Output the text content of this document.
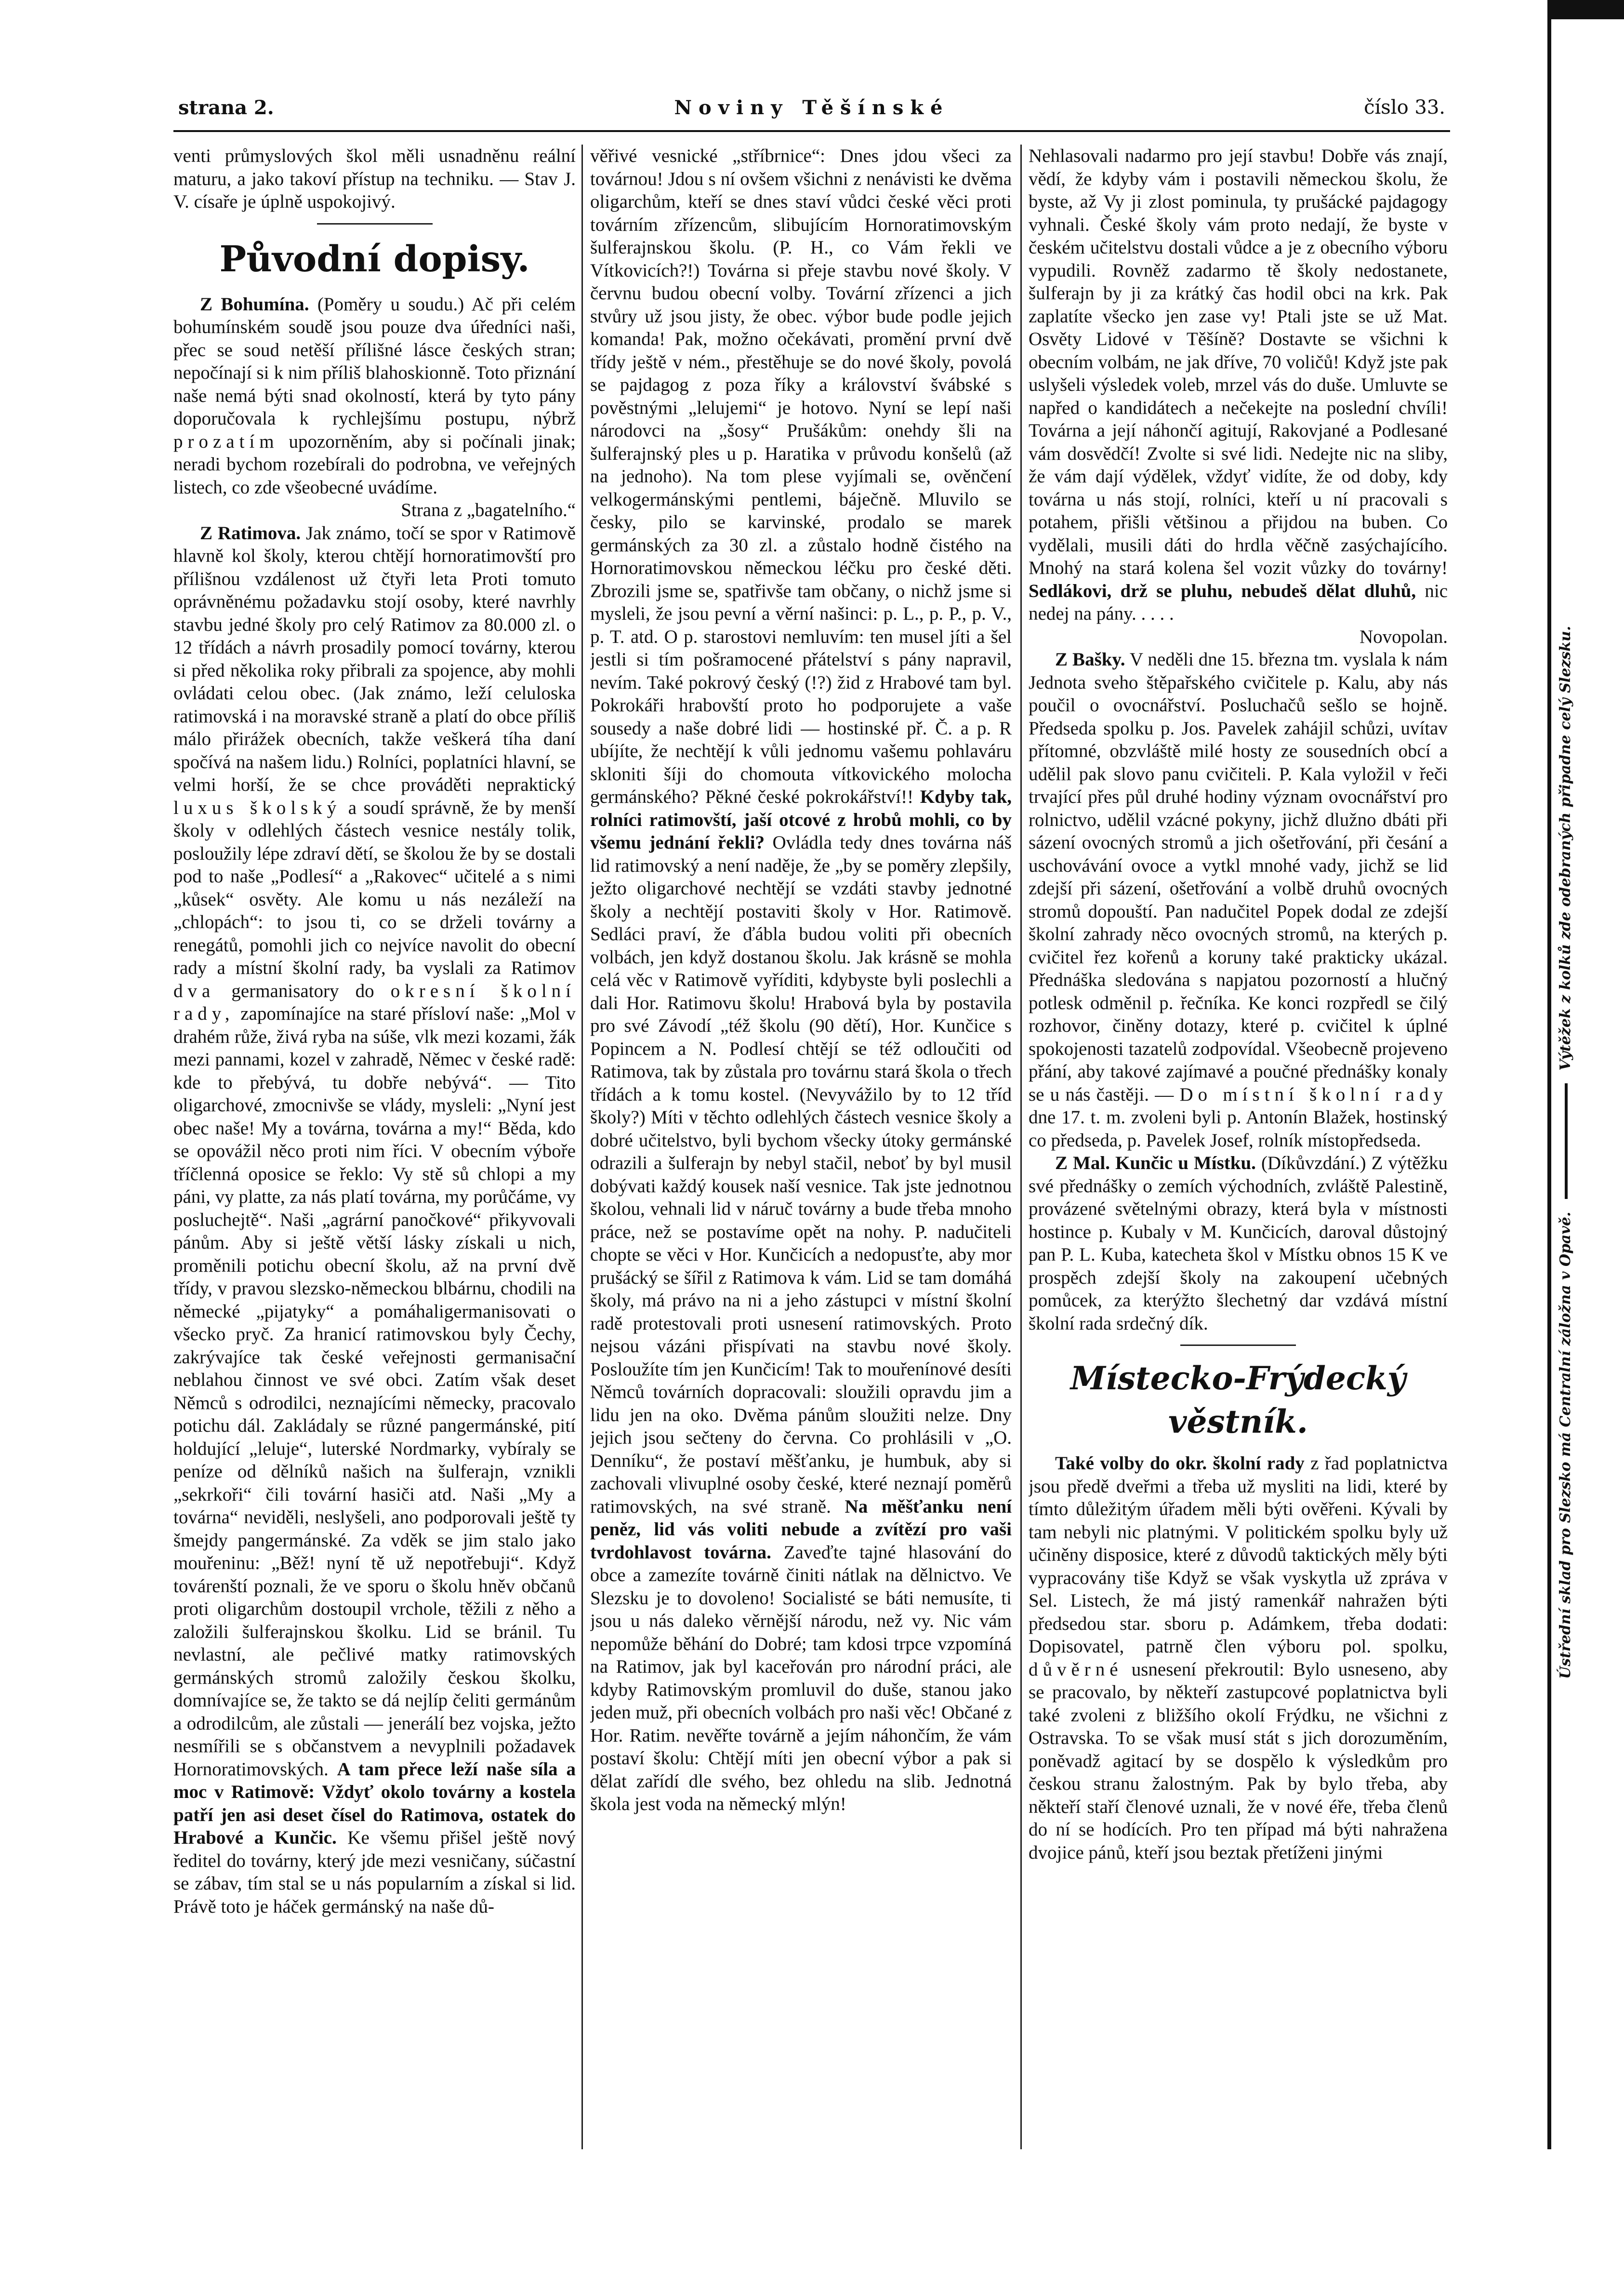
strana 2.	Noviny Těšínské	číslo 33.

venti průmyslových škol měli usnadněnu reální maturu, a jako takoví přístup na techniku. — Stav J. V. císaře je úplně uspokojivý.

Původní dopisy.

Z Bohumína. (Poměry u soudu.) Ač při celém bohumínském soudě jsou pouze dva úředníci naši, přec se soud netěší přílišné lásce českých stran; nepočínají si k nim příliš blahoskionně. Toto přiznání naše nemá býti snad okolností, která by tyto pány doporučovala k rychlejšímu postupu, nýbrž prozatím upozorněním, aby si počínali jinak; neradi bychom rozebírali do podrobna, ve veřejných listech, co zde všeobecné uvádíme.

Strana z „bagatelního.“

Z Ratimova. Jak známo, točí se spor v Ratimově hlavně kol školy, kterou chtějí hornoratimovští pro přílišnou vzdálenost už čtyři leta Proti tomuto oprávněnému požadavku stojí osoby, které navrhly stavbu jedné školy pro celý Ratimov za 80.000 zl. o 12 třídách a návrh prosadily pomocí továrny, kterou si před několika roky přibrali za spojence, aby mohli ovládati celou obec. (Jak známo, leží celuloska ratimovská i na moravské straně a platí do obce příliš málo přirážek obecních, takže veškerá tíha daní spočívá na našem lidu.) Rolníci, poplatníci hlavní, se velmi horší, že se chce prováděti nepraktický luxus školský a soudí správně, že by menší školy v odlehlých částech vesnice nestály tolik, posloužily lépe zdraví dětí, se školou že by se dostali pod to naše „Podlesí“ a „Rakovec“ učitelé a s nimi „kůsek“ osvěty. Ale komu u nás nezáleží na „chlopách“: to jsou ti, co se drželi továrny a renegátů, pomohli jich co nejvíce navolit do obecní rady a místní školní rady, ba vyslali za Ratimov dva germanisatory do okresní školní rady, zapomínajíce na staré přísloví naše: „Mol v drahém růže, živá ryba na súše, vlk mezi kozami, žák mezi pannami, kozel v zahradě, Němec v české radě: kde to přebývá, tu dobře nebývá“. — Tito oligarchové, zmocnivše se vlády, mysleli: „Nyní jest obec naše! My a továrna, továrna a my!“ Běda, kdo se opovážil něco proti nim říci. V obecním výboře tříčlenná oposice se řeklo: Vy stě sů chlopi a my páni, vy platte, za nás platí továrna, my porůčáme, vy posluchejtě“. Naši „agrární panočkové“ přikyvovali pánům. Aby si ještě větší lásky získali u nich, proměnili potichu obecní školu, až na první dvě třídy, v pravou slezsko-německou blbárnu, chodili na německé „pijatyky“ a pomáhaligermanisovati o všecko pryč. Za hranicí ratimovskou byly Čechy, zakrývajíce tak české veřejnosti germanisační neblahou činnost ve své obci. Zatím však deset Němců s odrodilci, neznajícími německy, pracovalo potichu dál. Zakládaly se různé pangermánské, pití holdující „leluje“, luterské Nordmarky, vybíraly se peníze od dělníků našich na šulferajn, vznikli „sekrkoři“ čili tovární hasiči atd. Naši „My a továrna“ neviděli, neslyšeli, ano podporovali ještě ty šmejdy pangermánské. Za vděk se jim stalo jako mouřeninu: „Běž! nyní tě už nepotřebuji“. Když továrenští poznali, že ve sporu o školu hněv občanů proti oligarchům dostoupil vrchole, těžili z něho a založili šulferajnskou školku. Lid se bránil. Tu nevlastní, ale pečlivé matky ratimovských germánských stromů založily českou školku, domnívajíce se, že takto se dá nejlíp čeliti germánům a odrodilcům, ale zůstali — jenerálí bez vojska, ježto nesmířili se s občanstvem a nevyplnili požadavek Hornoratimovských. A tam přece leží naše síla a moc v Ratimově: Vždyť okolo továrny a kostela patří jen asi deset čísel do Ratimova, ostatek do Hrabové a Kunčic. Ke všemu přišel ještě nový ředitel do továrny, který jde mezi vesničany, súčastní se zábav, tím stal se u nás popularním a získal si lid. Právě toto je háček germánský na naše dů-

věřivé vesnické „stříbrnice“: Dnes jdou všeci za továrnou! Jdou s ní ovšem všichni z nenávisti ke dvěma oligarchům, kteří se dnes staví vůdci české věci proti továrním zřízencům, slibujícím Hornoratimovským šulferajnskou školu. (P. H., co Vám řekli ve Vítkovicích?!) Továrna si přeje stavbu nové školy. V červnu budou obecní volby. Tovární zřízenci a jich stvůry už jsou jisty, že obec. výbor bude podle jejich komanda! Pak, možno očekávati, promění první dvě třídy ještě v ném., přestěhuje se do nové školy, povolá se pajdagog z poza říky a království švábské s pověstnými „lelujemi“ je hotovo. Nyní se lepí naši národovci na „šosy“ Prušákům: onehdy šli na šulferajnský ples u p. Haratika v průvodu konšelů (až na jednoho). Na tom plese vyjímali se, ověnčení velkogermánskými pentlemi, báječně. Mluvilo se česky, pilo se karvinské, prodalo se marek germánských za 30 zl. a zůstalo hodně čistého na Hornoratimovskou německou léčku pro české děti. Zbrozili jsme se, spatřivše tam občany, o nichž jsme si mysleli, že jsou pevní a věrní našinci: p. L., p. P., p. V., p. T. atd. O p. starostovi nemluvím: ten musel jíti a šel jestli si tím pošramocené přátelství s pány napravil, nevím. Také pokrový český (!?) žid z Hrabové tam byl. Pokrokáři hrabovští proto ho podporujete a vaše sousedy a naše dobré lidi — hostinské př. Č. a p. R ubíjíte, že nechtějí k vůli jednomu vašemu pohlaváru skloniti šíji do chomouta vítkovického molocha germánského? Pěkné české pokrokářství!! Kdyby tak, rolníci ratimovští, jaší otcové z hrobů mohli, co by všemu jednání řekli? Ovládla tedy dnes továrna náš lid ratimovský a není naděje, že „by se poměry zlepšily, ježto oligarchové nechtějí se vzdáti stavby jednotné školy a nechtějí postaviti školy v Hor. Ratimově. Sedláci praví, že ďábla budou voliti při obecních volbách, jen když dostanou školu. Jak krásně se mohla celá věc v Ratimově vyříditi, kdybyste byli poslechli a dali Hor. Ratimovu školu! Hrabová byla by postavila pro své Závodí „též školu (90 dětí), Hor. Kunčice s Popincem a N. Podlesí chtějí se též odloučiti od Ratimova, tak by zůstala pro továrnu stará škola o třech třídách a k tomu kostel. (Nevyvážilo by to 12 tříd školy?) Míti v těchto odlehlých částech vesnice školy a dobré učitelstvo, byli bychom všecky útoky germánské odrazili a šulferajn by nebyl stačil, neboť by byl musil dobývati každý kousek naší vesnice. Tak jste jednotnou školou, vehnali lid v náruč továrny a bude třeba mnoho práce, než se postavíme opět na nohy. P. nadučiteli chopte se věci v Hor. Kunčicích a nedopusťte, aby mor prušácký se šířil z Ratimova k vám. Lid se tam domáhá školy, má právo na ni a jeho zástupci v místní školní radě protestovali proti usnesení ratimovských. Proto nejsou vázáni přispívati na stavbu nové školy. Posloužíte tím jen Kunčicím! Tak to mouřenínové desíti Němců továrních dopracovali: sloužili opravdu jim a lidu jen na oko. Dvěma pánům sloužiti nelze. Dny jejich jsou sečteny do června. Co prohlásili v „O. Denníku“, že postaví měšťanku, je humbuk, aby si zachovali vlivuplné osoby české, které neznají poměrů ratimovských, na své straně. Na měšťanku není peněz, lid vás voliti nebude a zvítězí pro vaši tvrdohlavost továrna. Zaveďte tajné hlasování do obce a zamezíte továrně činiti nátlak na dělnictvo. Ve Slezsku je to dovoleno! Socialisté se báti nemusíte, ti jsou u nás daleko věrnější národu, než vy. Nic vám nepomůže běhání do Dobré; tam kdosi trpce vzpomíná na Ratimov, jak byl kaceřován pro národní práci, ale kdyby Ratimovským promluvil do duše, stanou jako jeden muž, při obecních volbách pro naši věc! Občané z Hor. Ratim. nevěřte továrně a jejím náhončím, že vám postaví školu: Chtějí míti jen obecní výbor a pak si dělat zařídí dle svého, bez ohledu na slib. Jednotná škola jest voda na německý mlýn!

Nehlasovali nadarmo pro její stavbu! Dobře vás znají, vědí, že kdyby vám i postavili německou školu, že byste, až Vy ji zlost pominula, ty prušácké pajdagogy vyhnali. České školy vám proto nedají, že byste v českém učitelstvu dostali vůdce a je z obecního výboru vypudili. Rovněž zadarmo tě školy nedostanete, šulferajn by ji za krátký čas hodil obci na krk. Pak zaplatíte všecko jen zase vy! Ptali jste se už Mat. Osvěty Lidové v Těšíně? Dostavte se všichni k obecním volbám, ne jak dříve, 70 voličů! Když jste pak uslyšeli výsledek voleb, mrzel vás do duše. Umluvte se napřed o kandidátech a nečekejte na poslední chvíli! Továrna a její náhončí agitují, Rakovjané a Podlesané vám dosvědčí! Zvolte si své lidi. Nedejte nic na sliby, že vám dají výdělek, vždyť vidíte, že od doby, kdy továrna u nás stojí, rolníci, kteří u ní pracovali s potahem, přišli většinou a přijdou na buben. Co vydělali, musili dáti do hrdla věčně zasýchajícího. Mnohý na stará kolena šel vozit vůzky do továrny! Sedlákovi, drž se pluhu, nebudeš dělat dluhů, nic nedej na pány. . . . .

Novopolan.

Z Bašky. V neděli dne 15. března tm. vyslala k nám Jednota sveho štěpařského cvičitele p. Kalu, aby nás poučil o ovocnářství. Posluchačů sešlo se hojně. Předseda spolku p. Jos. Pavelek zahájil schůzi, uvítav přítomné, obzvláště milé hosty ze sousedních obcí a udělil pak slovo panu cvičiteli. P. Kala vyložil v řeči trvající přes půl druhé hodiny význam ovocnářství pro rolnictvo, udělil vzácné pokyny, jichž dlužno dbáti při sázení ovocných stromů a jich ošetřování, při česání a uschovávání ovoce a vytkl mnohé vady, jichž se lid zdejší při sázení, ošetřování a volbě druhů ovocných stromů dopouští. Pan nadučitel Popek dodal ze zdejší školní zahrady něco ovocných stromů, na kterých p. cvičitel řez kořenů a koruny také prakticky ukázal. Přednáška sledována s napjatou pozorností a hlučný potlesk odměnil p. řečníka. Ke konci rozpředl se čilý rozhovor, činěny dotazy, které p. cvičitel k úplné spokojenosti tazatelů zodpovídal. Všeobecně projeveno přání, aby takové zajímavé a poučné přednášky konaly se u nás častěji. — Do místní školní rady dne 17. t. m. zvoleni byli p. Antonín Blažek, hostinský co předseda, p. Pavelek Josef, rolník místopředseda.

Z Mal. Kunčic u Místku. (Díkůvzdání.) Z výtěžku své přednášky o zemích východních, zvláště Palestině, provázené světelnými obrazy, která byla v místnosti hostince p. Kubaly v M. Kunčicích, daroval důstojný pan P. L. Kuba, katecheta škol v Místku obnos 15 K ve prospěch zdejší školy na zakoupení učebných pomůcek, za kterýžto šlechetný dar vzdává místní školní rada srdečný dík.

Místecko-Frýdecký věstník.

Také volby do okr. školní rady z řad poplatnictva jsou předě dveřmi a třeba už mysliti na lidi, které by tímto důležitým úřadem měli býti ověřeni. Kývali by tam nebyli nic platnými. V politickém spolku byly už učiněny disposice, které z důvodů taktických měly býti vypracovány tiše Když se však vyskytla už zpráva v Sel. Listech, že má jistý ramenkář nahražen býti předsedou star. sboru p. Adámkem, třeba dodati: Dopisovatel, patrně člen výboru pol. spolku, důvěrné usnesení překroutil: Bylo usneseno, aby se pracovalo, by někteří zastupcové poplatnictva byli také zvoleni z bližšího okolí Frýdku, ne všichni z Ostravska. To se však musí stát s jich dorozuměním, poněvadž agitací by se dospělo k výsledkům pro českou stranu žalostným. Pak by bylo třeba, aby někteří staří členové uznali, že v nové éře, třeba členů do ní se hodících. Pro ten případ má býti nahražena dvojice pánů, kteří jsou beztak přetíženi jinými

Ústřední sklad pro Slezsko má Centralní záložna v Opavě.  Výtěžek z kolků zde odebraných připadne celý Slezsku.
